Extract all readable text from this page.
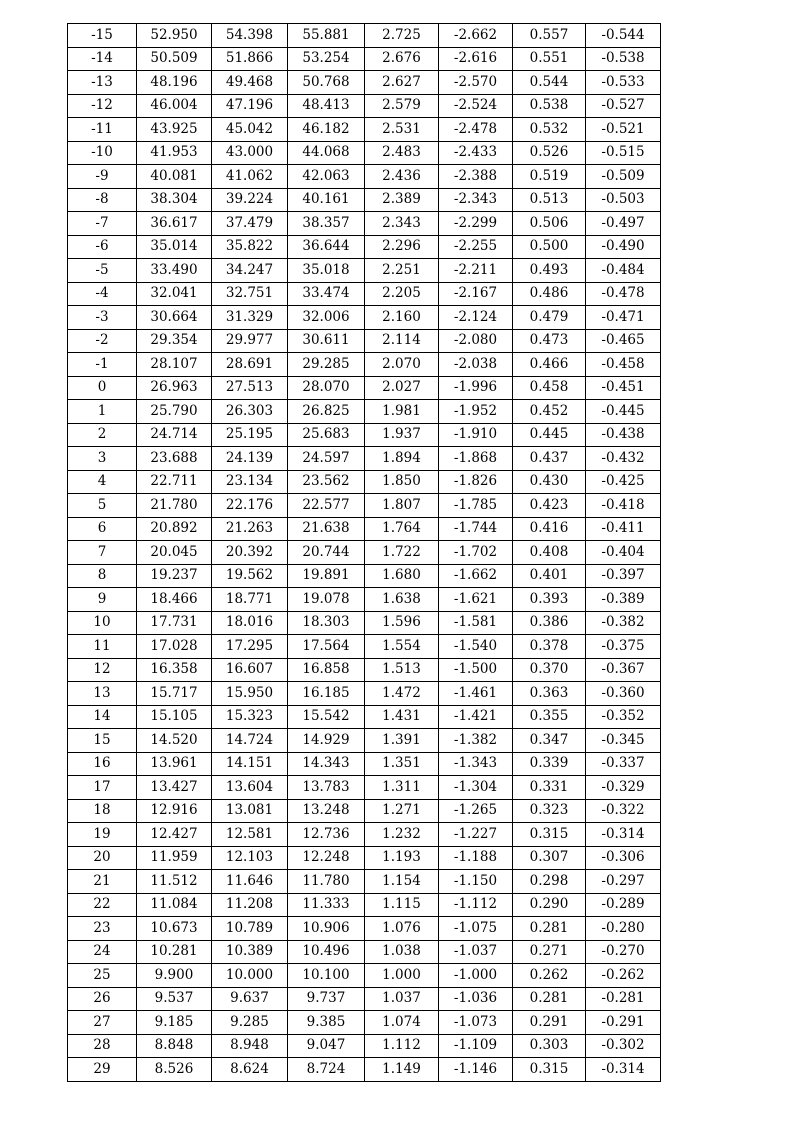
-15	52.950	54.398	55.881	2.725	-2.662	0.557	-0.544
-14	50.509	51.866	53.254	2.676	-2.616	0.551	-0.538
-13	48.196	49.468	50.768	2.627	-2.570	0.544	-0.533
-12	46.004	47.196	48.413	2.579	-2.524	0.538	-0.527
-11	43.925	45.042	46.182	2.531	-2.478	0.532	-0.521
-10	41.953	43.000	44.068	2.483	-2.433	0.526	-0.515
-9	40.081	41.062	42.063	2.436	-2.388	0.519	-0.509
-8	38.304	39.224	40.161	2.389	-2.343	0.513	-0.503
-7	36.617	37.479	38.357	2.343	-2.299	0.506	-0.497
-6	35.014	35.822	36.644	2.296	-2.255	0.500	-0.490
-5	33.490	34.247	35.018	2.251	-2.211	0.493	-0.484
-4	32.041	32.751	33.474	2.205	-2.167	0.486	-0.478
-3	30.664	31.329	32.006	2.160	-2.124	0.479	-0.471
-2	29.354	29.977	30.611	2.114	-2.080	0.473	-0.465
-1	28.107	28.691	29.285	2.070	-2.038	0.466	-0.458
0	26.963	27.513	28.070	2.027	-1.996	0.458	-0.451
1	25.790	26.303	26.825	1.981	-1.952	0.452	-0.445
2	24.714	25.195	25.683	1.937	-1.910	0.445	-0.438
3	23.688	24.139	24.597	1.894	-1.868	0.437	-0.432
4	22.711	23.134	23.562	1.850	-1.826	0.430	-0.425
5	21.780	22.176	22.577	1.807	-1.785	0.423	-0.418
6	20.892	21.263	21.638	1.764	-1.744	0.416	-0.411
7	20.045	20.392	20.744	1.722	-1.702	0.408	-0.404
8	19.237	19.562	19.891	1.680	-1.662	0.401	-0.397
9	18.466	18.771	19.078	1.638	-1.621	0.393	-0.389
10	17.731	18.016	18.303	1.596	-1.581	0.386	-0.382
11	17.028	17.295	17.564	1.554	-1.540	0.378	-0.375
12	16.358	16.607	16.858	1.513	-1.500	0.370	-0.367
13	15.717	15.950	16.185	1.472	-1.461	0.363	-0.360
14	15.105	15.323	15.542	1.431	-1.421	0.355	-0.352
15	14.520	14.724	14.929	1.391	-1.382	0.347	-0.345
16	13.961	14.151	14.343	1.351	-1.343	0.339	-0.337
17	13.427	13.604	13.783	1.311	-1.304	0.331	-0.329
18	12.916	13.081	13.248	1.271	-1.265	0.323	-0.322
19	12.427	12.581	12.736	1.232	-1.227	0.315	-0.314
20	11.959	12.103	12.248	1.193	-1.188	0.307	-0.306
21	11.512	11.646	11.780	1.154	-1.150	0.298	-0.297
22	11.084	11.208	11.333	1.115	-1.112	0.290	-0.289
23	10.673	10.789	10.906	1.076	-1.075	0.281	-0.280
24	10.281	10.389	10.496	1.038	-1.037	0.271	-0.270
25	9.900	10.000	10.100	1.000	-1.000	0.262	-0.262
26	9.537	9.637	9.737	1.037	-1.036	0.281	-0.281
27	9.185	9.285	9.385	1.074	-1.073	0.291	-0.291
28	8.848	8.948	9.047	1.112	-1.109	0.303	-0.302
29	8.526	8.624	8.724	1.149	-1.146	0.315	-0.314
